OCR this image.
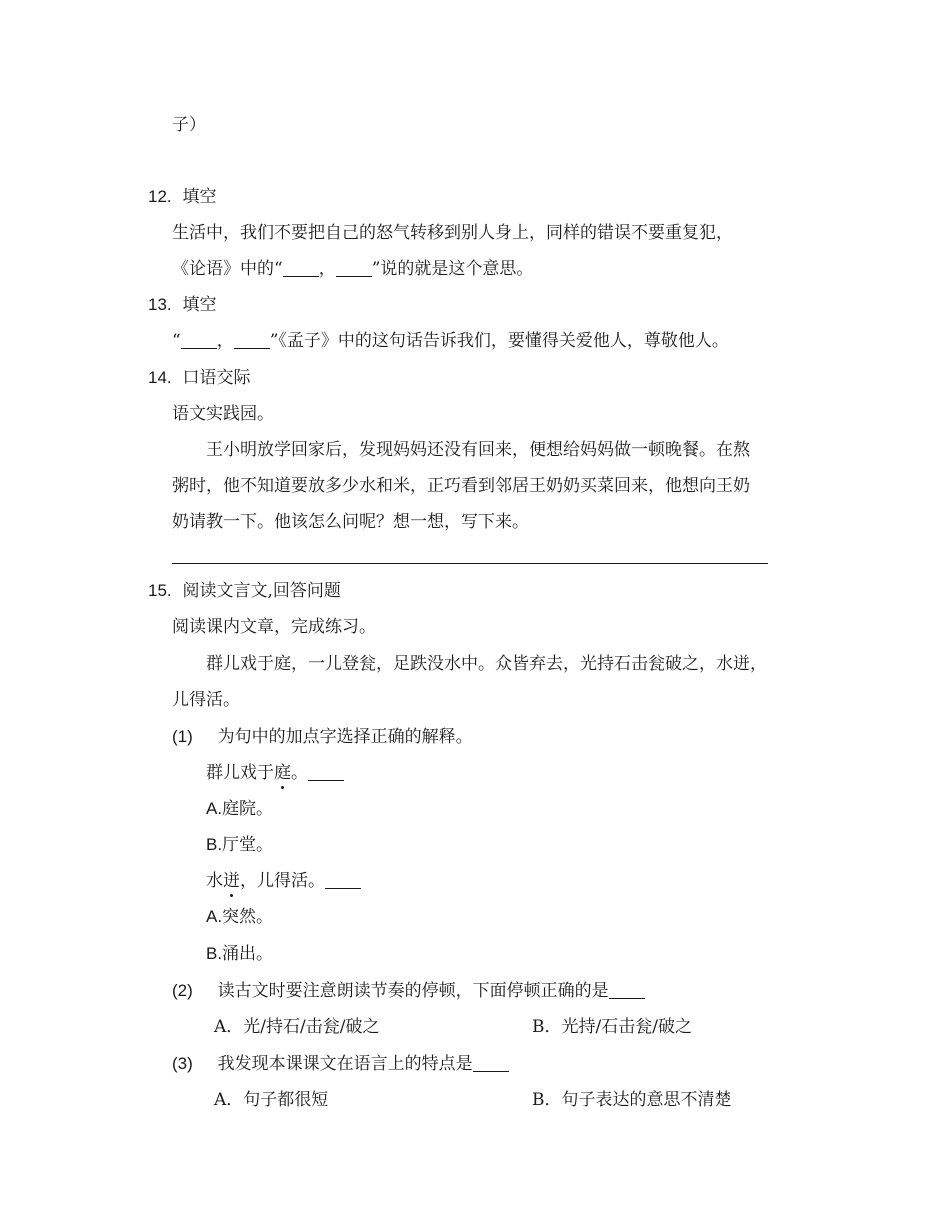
子）
12. 填空
生活中，我们不要把自己的怒气转移到别人身上，同样的错误不要重复犯，
《论语》中的“ ， ”说的就是这个意思。
13. 填空
“ ， ”《孟子》中的这句话告诉我们，要懂得关爱他人，尊敬他人。
14. 口语交际
语文实践园。
王小明放学回家后，发现妈妈还没有回来，便想给妈妈做一顿晚餐。在熬
粥时，他不知道要放多少水和米，正巧看到邻居王奶奶买菜回来，他想向王奶
奶请教一下。他该怎么问呢？想一想，写下来。
15. 阅读文言文,回答问题
阅读课内文章，完成练习。
群儿戏于庭，一儿登瓮，足跌没水中。众皆弃去，光持石击瓮破之，水迸，
儿得活。
(1) 为句中的加点字选择正确的解释。
群儿戏于庭。
A.庭院。
B.厅堂。
水迸，儿得活。
A.突然。
B.涌出。
(2) 读古文时要注意朗读节奏的停顿，下面停顿正确的是
A．光/持石/击瓮/破之	B．光持/石击瓮/破之
(3) 我发现本课课文在语言上的特点是
A．句子都很短	B．句子表达的意思不清楚
